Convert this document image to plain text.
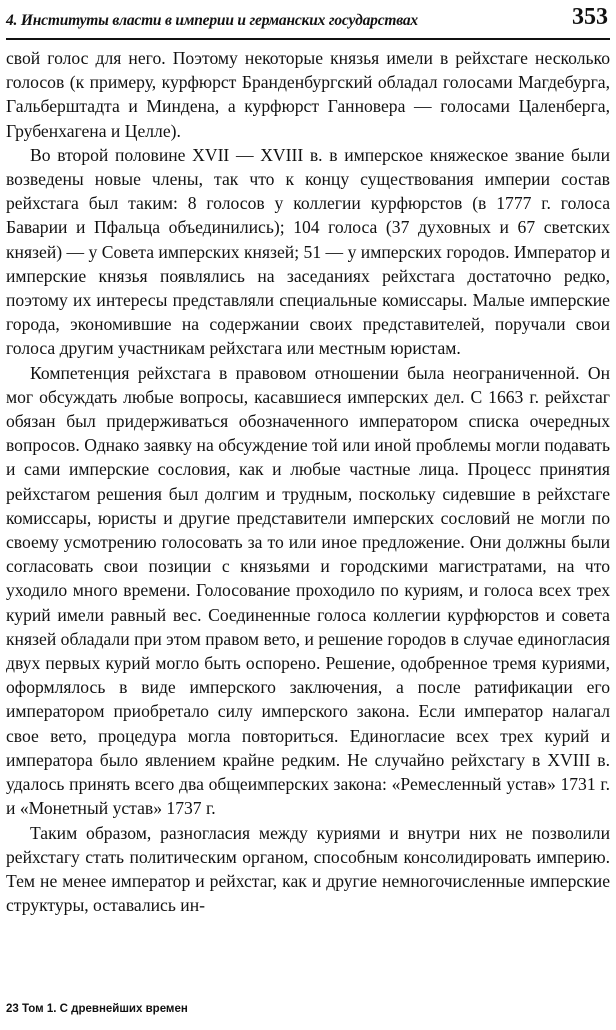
4. Институты власти в империи и германских государствах	353

свой голос для него. Поэтому некоторые князья имели в рейхстаге несколько голосов (к примеру, курфюрст Бранденбургский обладал голосами Магдебурга, Гальберштадта и Миндена, а курфюрст Ганновера — голосами Цаленберга, Грубенхагена и Целле).

Во второй половине XVII — XVIII в. в имперское княжеское звание были возведены новые члены, так что к концу существования империи состав рейхстага был таким: 8 голосов у коллегии курфюрстов (в 1777 г. голоса Баварии и Пфальца объединились); 104 голоса (37 духовных и 67 светских князей) — у Совета имперских князей; 51 — у имперских городов. Император и имперские князья появлялись на заседаниях рейхстага достаточно редко, поэтому их интересы представляли специальные комиссары. Малые имперские города, экономившие на содержании своих представителей, поручали свои голоса другим участникам рейхстага или местным юристам.

Компетенция рейхстага в правовом отношении была неограниченной. Он мог обсуждать любые вопросы, касавшиеся имперских дел. С 1663 г. рейхстаг обязан был придерживаться обозначенного императором списка очередных вопросов. Однако заявку на обсуждение той или иной проблемы могли подавать и сами имперские сословия, как и любые частные лица. Процесс принятия рейхстагом решения был долгим и трудным, поскольку сидевшие в рейхстаге комиссары, юристы и другие представители имперских сословий не могли по своему усмотрению голосовать за то или иное предложение. Они должны были согласовать свои позиции с князьями и городскими магистратами, на что уходило много времени. Голосование проходило по куриям, и голоса всех трех курий имели равный вес. Соединенные голоса коллегии курфюрстов и совета князей обладали при этом правом вето, и решение городов в случае единогласия двух первых курий могло быть оспорено. Решение, одобренное тремя куриями, оформлялось в виде имперского заключения, а после ратификации его императором приобретало силу имперского закона. Если император налагал свое вето, процедура могла повториться. Единогласие всех трех курий и императора было явлением крайне редким. Не случайно рейхстагу в XVIII в. удалось принять всего два общеимперских закона: «Ремесленный устав» 1731 г. и «Монетный устав» 1737 г.

Таким образом, разногласия между куриями и внутри них не позволили рейхстагу стать политическим органом, способным консолидировать империю. Тем не менее император и рейхстаг, как и другие немногочисленные имперские структуры, оставались ин-

23 Том 1. С древнейших времен
